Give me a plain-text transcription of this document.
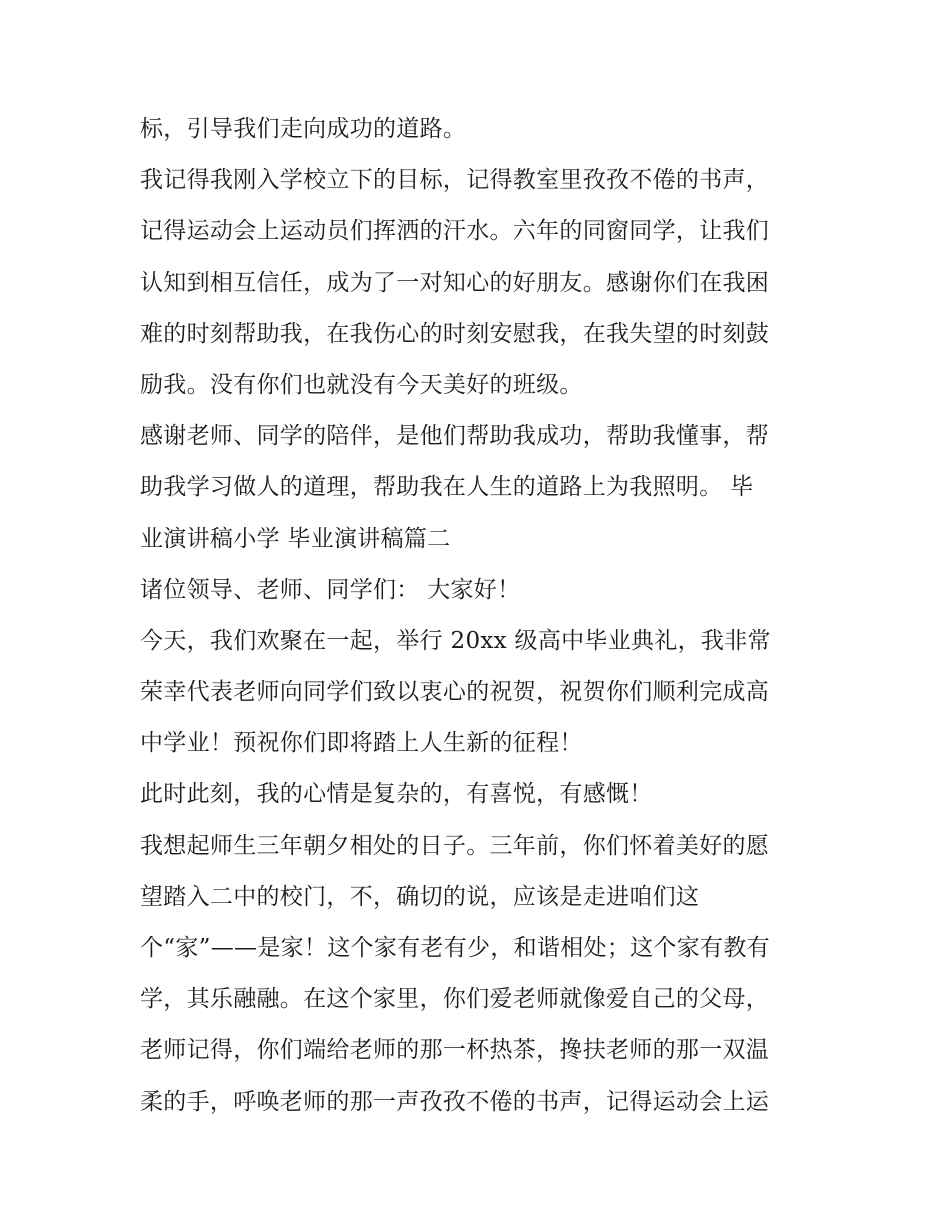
标，引导我们走向成功的道路。
我记得我刚入学校立下的目标，记得教室里孜孜不倦的书声，
记得运动会上运动员们挥洒的汗水。六年的同窗同学，让我们
认知到相互信任，成为了一对知心的好朋友。感谢你们在我困
难的时刻帮助我，在我伤心的时刻安慰我，在我失望的时刻鼓
励我。没有你们也就没有今天美好的班级。
感谢老师、同学的陪伴，是他们帮助我成功，帮助我懂事，帮
助我学习做人的道理，帮助我在人生的道路上为我照明。 毕
业演讲稿小学 毕业演讲稿篇二
诸位领导、老师、同学们： 大家好！
今天，我们欢聚在一起，举行 20xx 级高中毕业典礼，我非常
荣幸代表老师向同学们致以衷心的祝贺，祝贺你们顺利完成高
中学业！预祝你们即将踏上人生新的征程！
此时此刻，我的心情是复杂的，有喜悦，有感慨！
我想起师生三年朝夕相处的日子。三年前，你们怀着美好的愿
望踏入二中的校门，不，确切的说，应该是走进咱们这
个“家”——是家！这个家有老有少，和谐相处；这个家有教有
学，其乐融融。在这个家里，你们爱老师就像爱自己的父母，
老师记得，你们端给老师的那一杯热茶，搀扶老师的那一双温
柔的手，呼唤老师的那一声孜孜不倦的书声，记得运动会上运
